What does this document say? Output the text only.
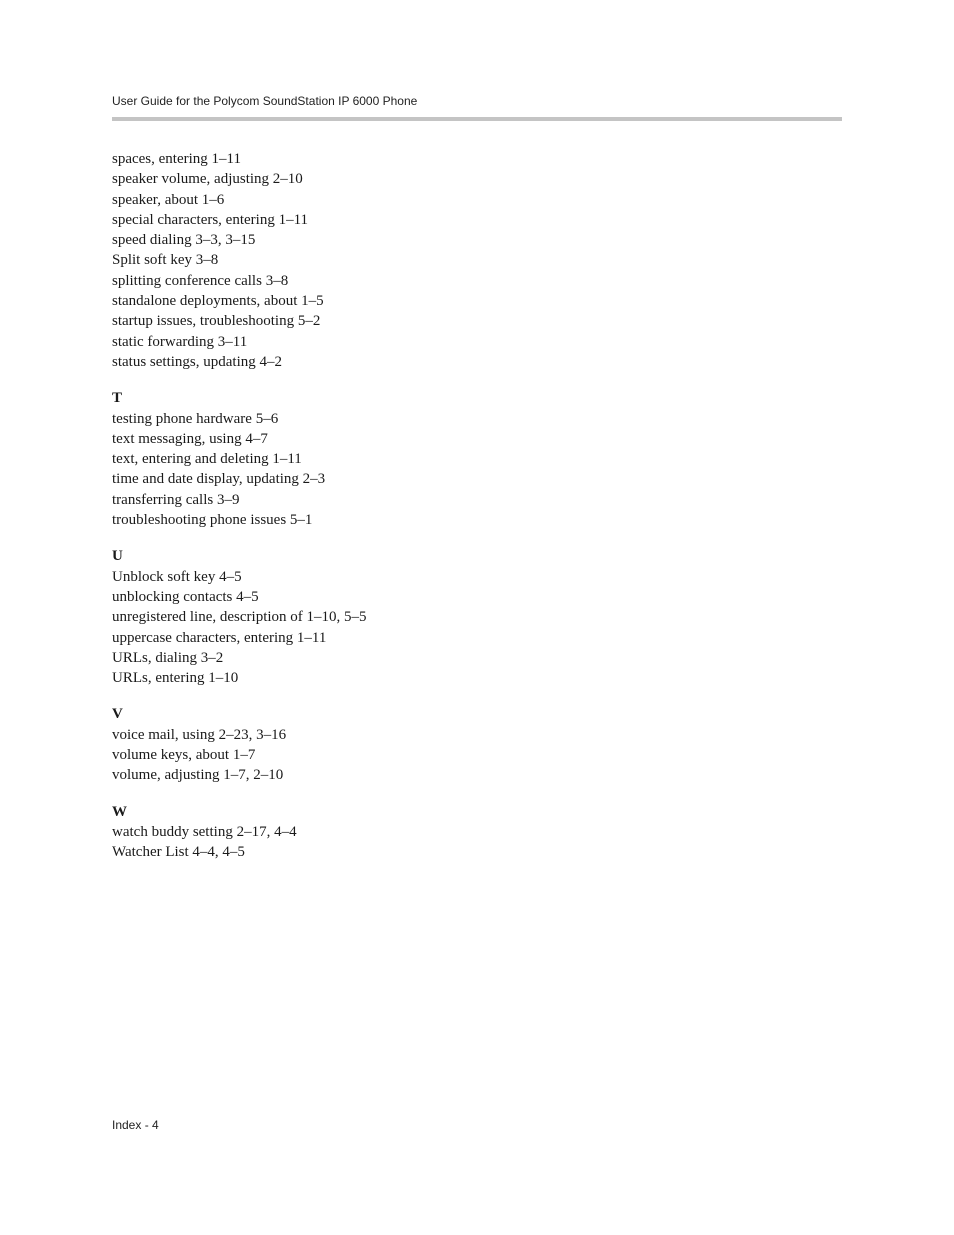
User Guide for the Polycom SoundStation IP 6000 Phone
spaces, entering 1–11
speaker volume, adjusting 2–10
speaker, about 1–6
special characters, entering 1–11
speed dialing 3–3, 3–15
Split soft key 3–8
splitting conference calls 3–8
standalone deployments, about 1–5
startup issues, troubleshooting 5–2
static forwarding 3–11
status settings, updating 4–2
T
testing phone hardware 5–6
text messaging, using 4–7
text, entering and deleting 1–11
time and date display, updating 2–3
transferring calls 3–9
troubleshooting phone issues 5–1
U
Unblock soft key 4–5
unblocking contacts 4–5
unregistered line, description of 1–10, 5–5
uppercase characters, entering 1–11
URLs, dialing 3–2
URLs, entering 1–10
V
voice mail, using 2–23, 3–16
volume keys, about 1–7
volume, adjusting 1–7, 2–10
W
watch buddy setting 2–17, 4–4
Watcher List 4–4, 4–5
Index - 4
